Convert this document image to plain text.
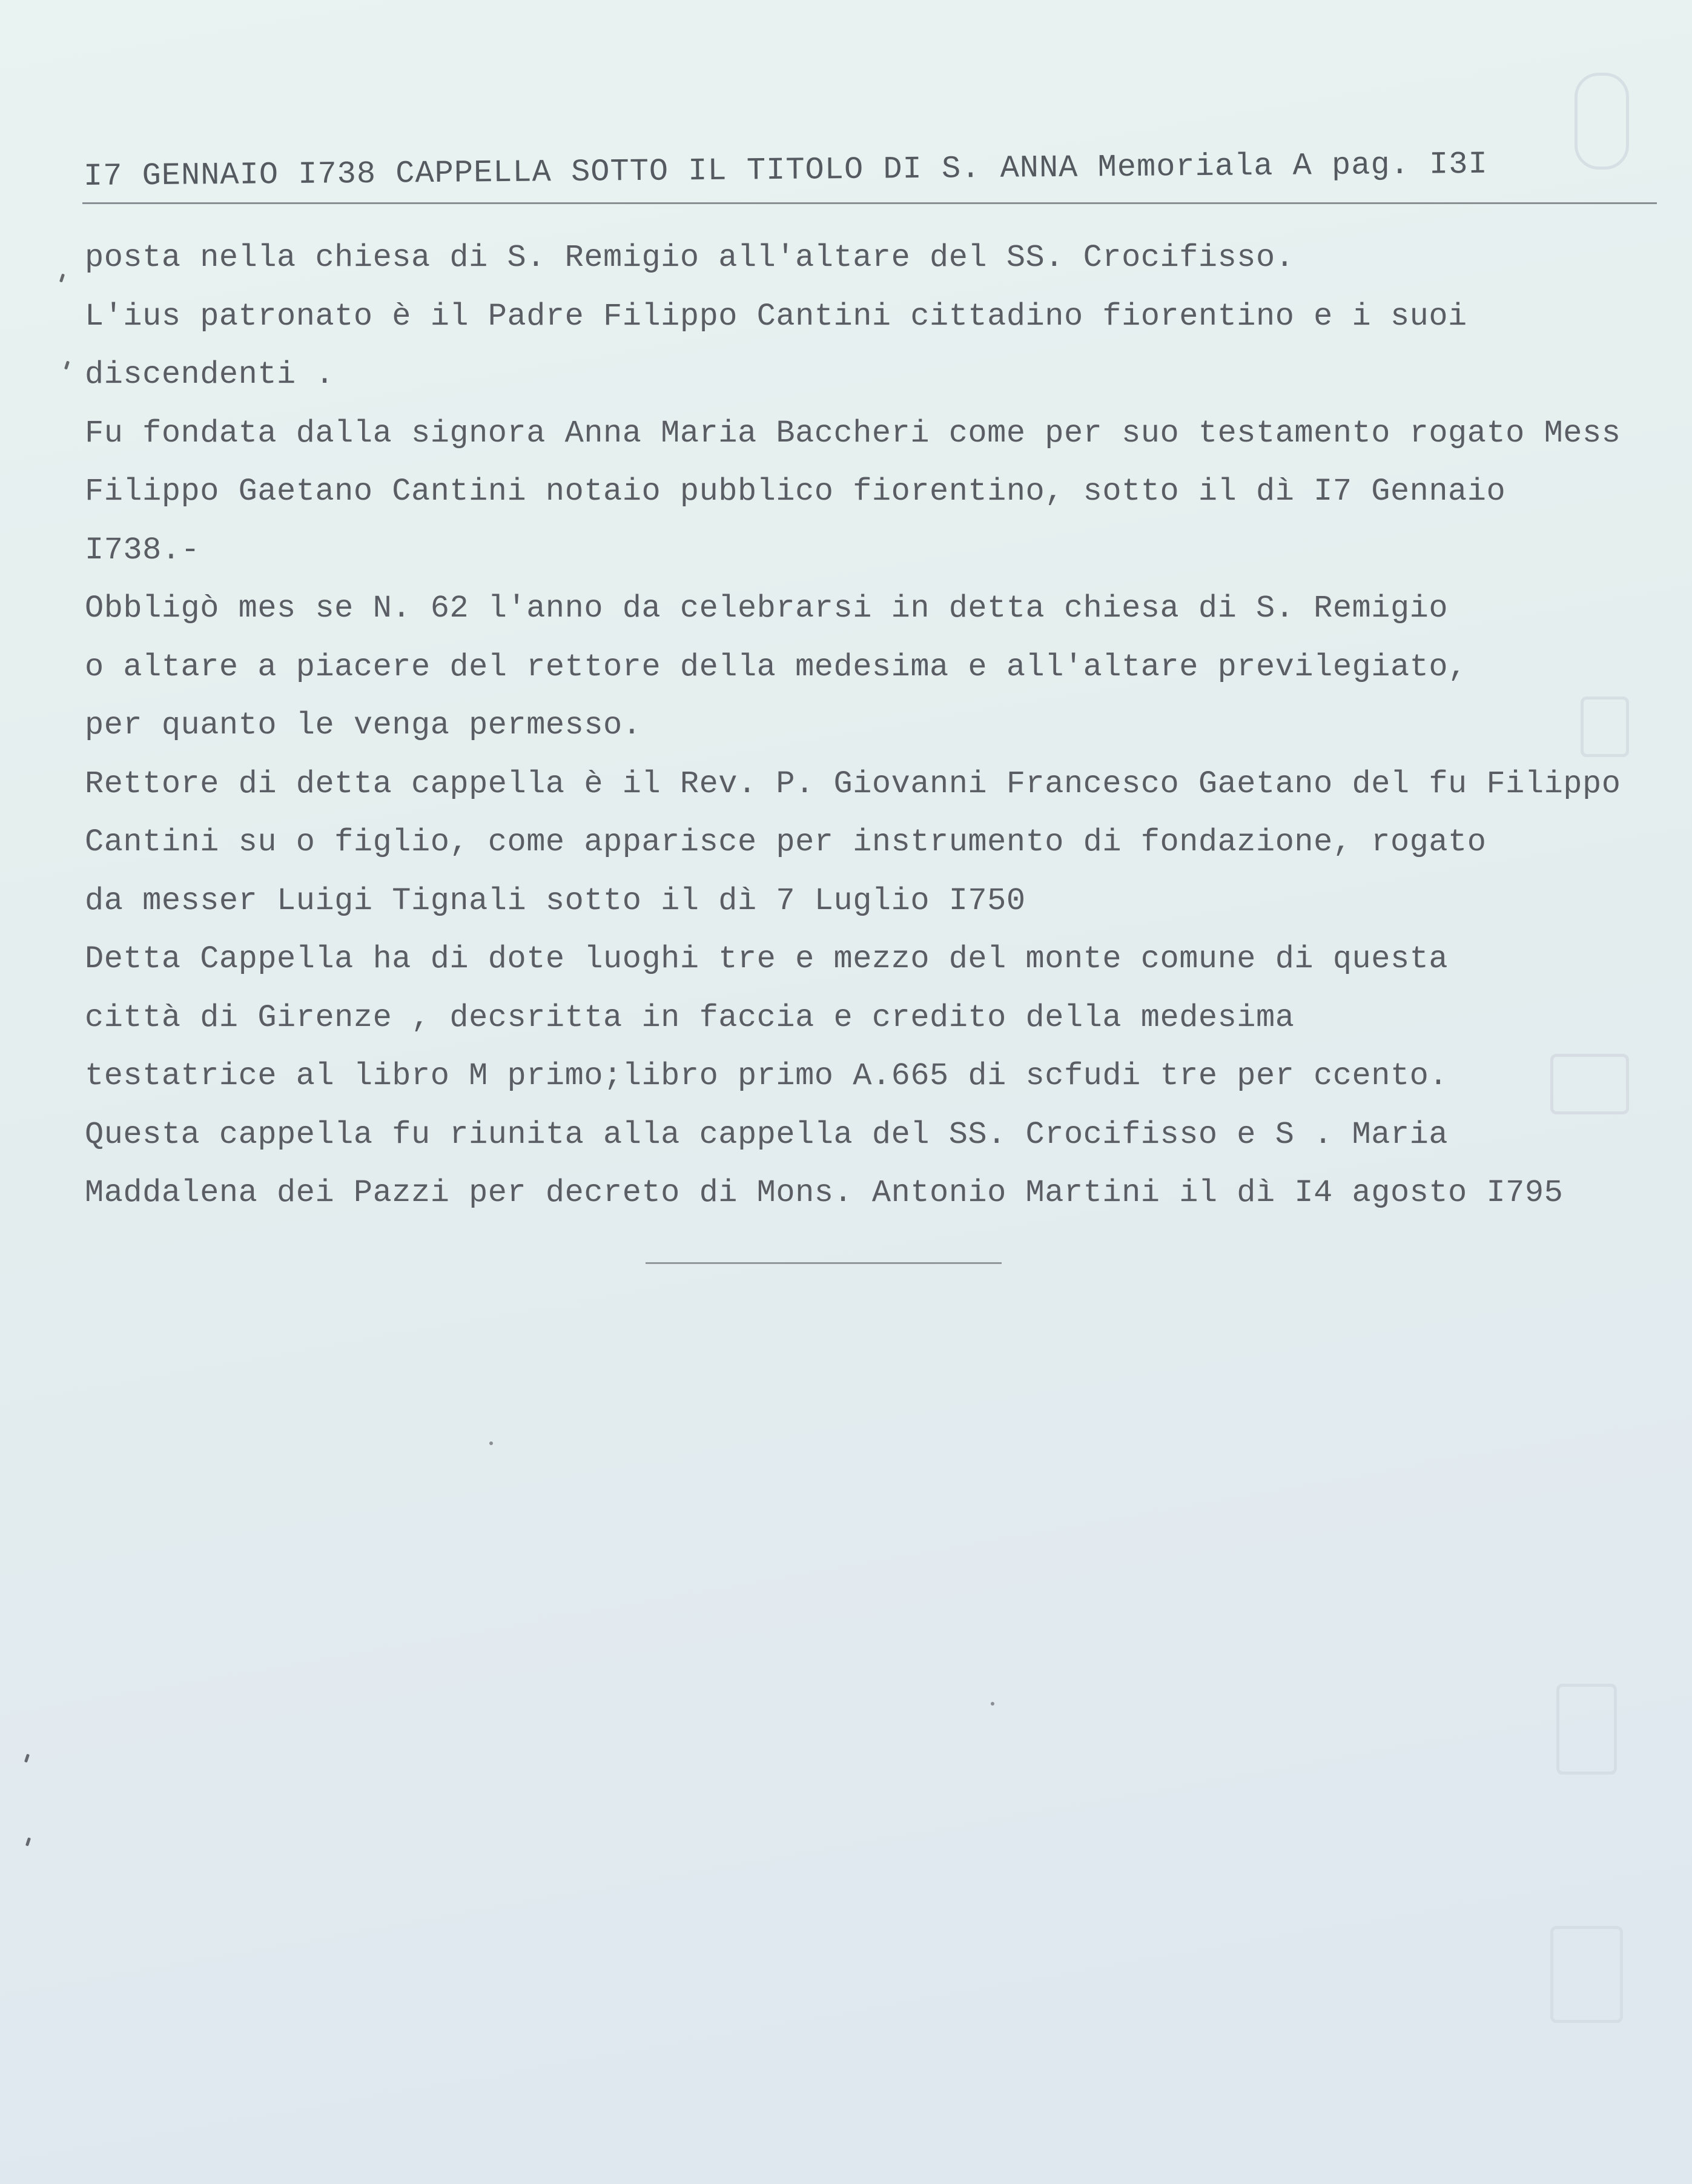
I7 GENNAIO I738 CAPPELLA SOTTO IL TITOLO DI S. ANNA Memoriala A pag. I3I
posta nella chiesa di S. Remigio all'altare del SS. Crocifisso.
L'ius patronato è il Padre Filippo Cantini cittadino fiorentino e i suoi
discendenti .
Fu fondata dalla signora Anna Maria Baccheri come per suo testamento rogato Mess
Filippo Gaetano Cantini notaio pubblico fiorentino, sotto il dì I7 Gennaio
I738.-
Obbligò mes se N. 62 l'anno da celebrarsi in detta chiesa di S. Remigio
o altare a piacere del rettore della medesima e all'altare previlegiato,
per quanto le venga permesso.
Rettore di detta cappella è il Rev. P. Giovanni Francesco Gaetano del fu Filippo
Cantini su o figlio, come apparisce per instrumento di fondazione, rogato
da messer Luigi Tignali sotto il dì 7 Luglio I750
Detta Cappella ha di dote luoghi tre e mezzo del monte comune di questa
città di Girenze , decsritta in faccia e credito della medesima
testatrice al libro M primo;libro primo A.665 di scfudi tre per ccento.
Questa cappella fu riunita alla cappella del SS. Crocifisso e S . Maria
Maddalena dei Pazzi per decreto di Mons. Antonio Martini il dì I4 agosto I795
